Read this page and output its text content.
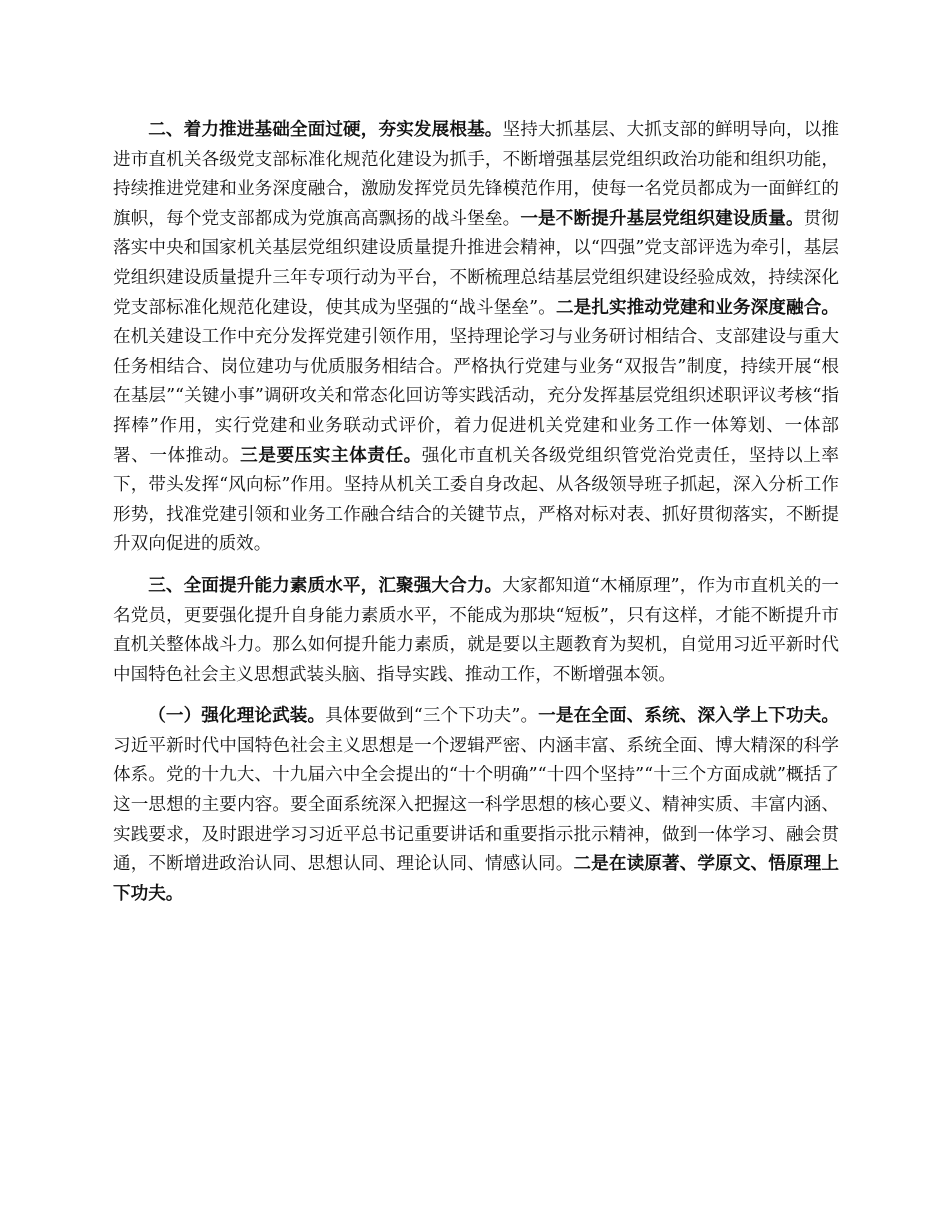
二、着力推进基础全面过硬，夯实发展根基。坚持大抓基层、大抓支部的鲜明导向，以推进市直机关各级党支部标准化规范化建设为抓手，不断增强基层党组织政治功能和组织功能，持续推进党建和业务深度融合，激励发挥党员先锋模范作用，使每一名党员都成为一面鲜红的旗帜，每个党支部都成为党旗高高飘扬的战斗堡垒。一是不断提升基层党组织建设质量。贯彻落实中央和国家机关基层党组织建设质量提升推进会精神，以“四强”党支部评选为牵引，基层党组织建设质量提升三年专项行动为平台，不断梳理总结基层党组织建设经验成效，持续深化党支部标准化规范化建设，使其成为坚强的“战斗堡垒”。二是扎实推动党建和业务深度融合。在机关建设工作中充分发挥党建引领作用，坚持理论学习与业务研讨相结合、支部建设与重大任务相结合、岗位建功与优质服务相结合。严格执行党建与业务“双报告”制度，持续开展“根在基层”“关键小事”调研攻关和常态化回访等实践活动，充分发挥基层党组织述职评议考核“指挥棒”作用，实行党建和业务联动式评价，着力促进机关党建和业务工作一体筹划、一体部署、一体推动。三是要压实主体责任。强化市直机关各级党组织管党治党责任，坚持以上率下，带头发挥“风向标”作用。坚持从机关工委自身改起、从各级领导班子抓起，深入分析工作形势，找准党建引领和业务工作融合结合的关键节点，严格对标对表、抓好贯彻落实，不断提升双向促进的质效。

三、全面提升能力素质水平，汇聚强大合力。大家都知道“木桶原理”，作为市直机关的一名党员，更要强化提升自身能力素质水平，不能成为那块“短板”，只有这样，才能不断提升市直机关整体战斗力。那么如何提升能力素质，就是要以主题教育为契机，自觉用习近平新时代中国特色社会主义思想武装头脑、指导实践、推动工作，不断增强本领。

（一）强化理论武装。具体要做到“三个下功夫”。一是在全面、系统、深入学上下功夫。习近平新时代中国特色社会主义思想是一个逻辑严密、内涵丰富、系统全面、博大精深的科学体系。党的十九大、十九届六中全会提出的“十个明确”“十四个坚持”“十三个方面成就”概括了这一思想的主要内容。要全面系统深入把握这一科学思想的核心要义、精神实质、丰富内涵、实践要求，及时跟进学习习近平总书记重要讲话和重要指示批示精神，做到一体学习、融会贯通，不断增进政治认同、思想认同、理论认同、情感认同。二是在读原著、学原文、悟原理上下功夫。
